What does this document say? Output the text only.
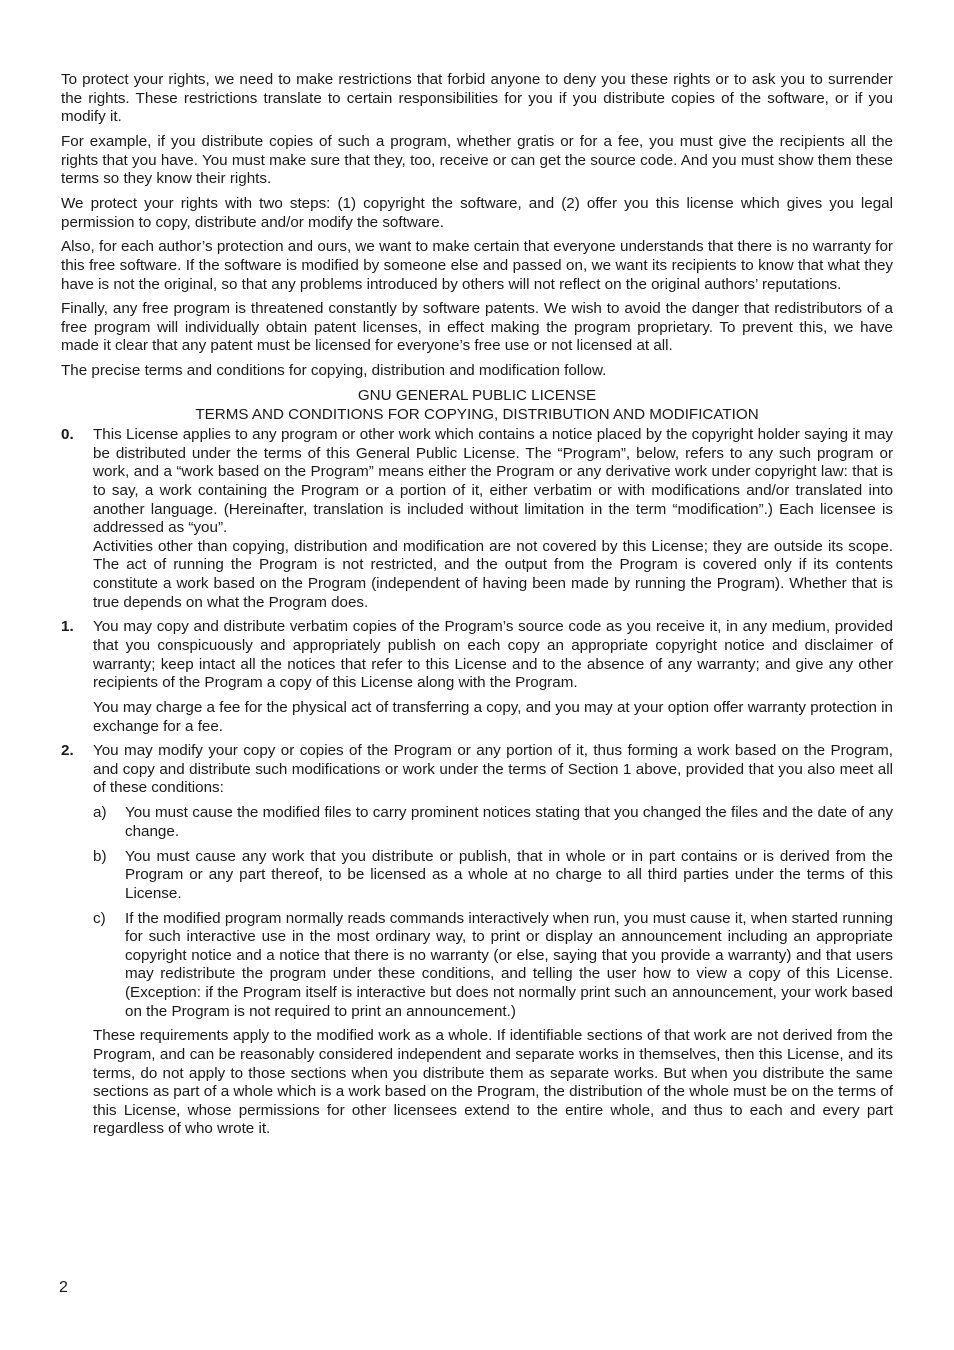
To protect your rights, we need to make restrictions that forbid anyone to deny you these rights or to ask you to surrender the rights. These restrictions translate to certain responsibilities for you if you distribute copies of the software, or if you modify it.

For example, if you distribute copies of such a program, whether gratis or for a fee, you must give the recipients all the rights that you have. You must make sure that they, too, receive or can get the source code. And you must show them these terms so they know their rights.

We protect your rights with two steps: (1) copyright the software, and (2) offer you this license which gives you legal permission to copy, distribute and/or modify the software.

Also, for each author’s protection and ours, we want to make certain that everyone understands that there is no warranty for this free software. If the software is modified by someone else and passed on, we want its recipients to know that what they have is not the original, so that any problems introduced by others will not reflect on the original authors’ reputations.

Finally, any free program is threatened constantly by software patents. We wish to avoid the danger that redistributors of a free program will individually obtain patent licenses, in effect making the program proprietary. To prevent this, we have made it clear that any patent must be licensed for everyone’s free use or not licensed at all.

The precise terms and conditions for copying, distribution and modification follow.

GNU GENERAL PUBLIC LICENSE
TERMS AND CONDITIONS FOR COPYING, DISTRIBUTION AND MODIFICATION
0. This License applies to any program or other work which contains a notice placed by the copyright holder saying it may be distributed under the terms of this General Public License. The “Program”, below, refers to any such program or work, and a “work based on the Program” means either the Program or any derivative work under copyright law: that is to say, a work containing the Program or a portion of it, either verbatim or with modifications and/or translated into another language. (Hereinafter, translation is included without limitation in the term “modification”.) Each licensee is addressed as “you”.

Activities other than copying, distribution and modification are not covered by this License; they are outside its scope. The act of running the Program is not restricted, and the output from the Program is covered only if its contents constitute a work based on the Program (independent of having been made by running the Program). Whether that is true depends on what the Program does.

1. You may copy and distribute verbatim copies of the Program’s source code as you receive it, in any medium, provided that you conspicuously and appropriately publish on each copy an appropriate copyright notice and disclaimer of warranty; keep intact all the notices that refer to this License and to the absence of any warranty; and give any other recipients of the Program a copy of this License along with the Program.

You may charge a fee for the physical act of transferring a copy, and you may at your option offer warranty protection in exchange for a fee.

2. You may modify your copy or copies of the Program or any portion of it, thus forming a work based on the Program, and copy and distribute such modifications or work under the terms of Section 1 above, provided that you also meet all of these conditions:

a) You must cause the modified files to carry prominent notices stating that you changed the files and the date of any change.
b) You must cause any work that you distribute or publish, that in whole or in part contains or is derived from the Program or any part thereof, to be licensed as a whole at no charge to all third parties under the terms of this License.
c) If the modified program normally reads commands interactively when run, you must cause it, when started running for such interactive use in the most ordinary way, to print or display an announcement including an appropriate copyright notice and a notice that there is no warranty (or else, saying that you provide a warranty) and that users may redistribute the program under these conditions, and telling the user how to view a copy of this License. (Exception: if the Program itself is interactive but does not normally print such an announcement, your work based on the Program is not required to print an announcement.)

These requirements apply to the modified work as a whole. If identifiable sections of that work are not derived from the Program, and can be reasonably considered independent and separate works in themselves, then this License, and its terms, do not apply to those sections when you distribute them as separate works. But when you distribute the same sections as part of a whole which is a work based on the Program, the distribution of the whole must be on the terms of this License, whose permissions for other licensees extend to the entire whole, and thus to each and every part regardless of who wrote it.

2
